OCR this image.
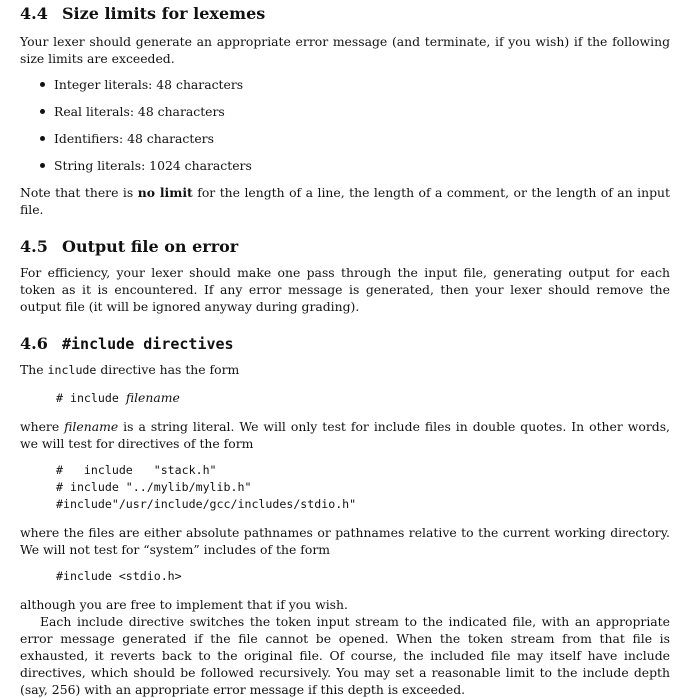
4.4 Size limits for lexemes

Your lexer should generate an appropriate error message (and terminate, if you wish) if the following size limits are exceeded.

Integer literals: 48 characters
Real literals: 48 characters
Identifiers: 48 characters
String literals: 1024 characters

Note that there is no limit for the length of a line, the length of a comment, or the length of an input file.

4.5 Output file on error

For efficiency, your lexer should make one pass through the input file, generating output for each token as it is encountered. If any error message is generated, then your lexer should remove the output file (it will be ignored anyway during grading).

4.6 #include directives

The include directive has the form

# include filename

where filename is a string literal. We will only test for include files in double quotes. In other words, we will test for directives of the form

#   include   "stack.h"
# include "../mylib/mylib.h"
#include"/usr/include/gcc/includes/stdio.h"

where the files are either absolute pathnames or pathnames relative to the current working directory. We will not test for “system” includes of the form

#include <stdio.h>

although you are free to implement that if you wish.

Each include directive switches the token input stream to the indicated file, with an appropriate error message generated if the file cannot be opened. When the token stream from that file is exhausted, it reverts back to the original file. Of course, the included file may itself have include directives, which should be followed recursively. You may set a reasonable limit to the include depth (say, 256) with an appropriate error message if this depth is exceeded.
